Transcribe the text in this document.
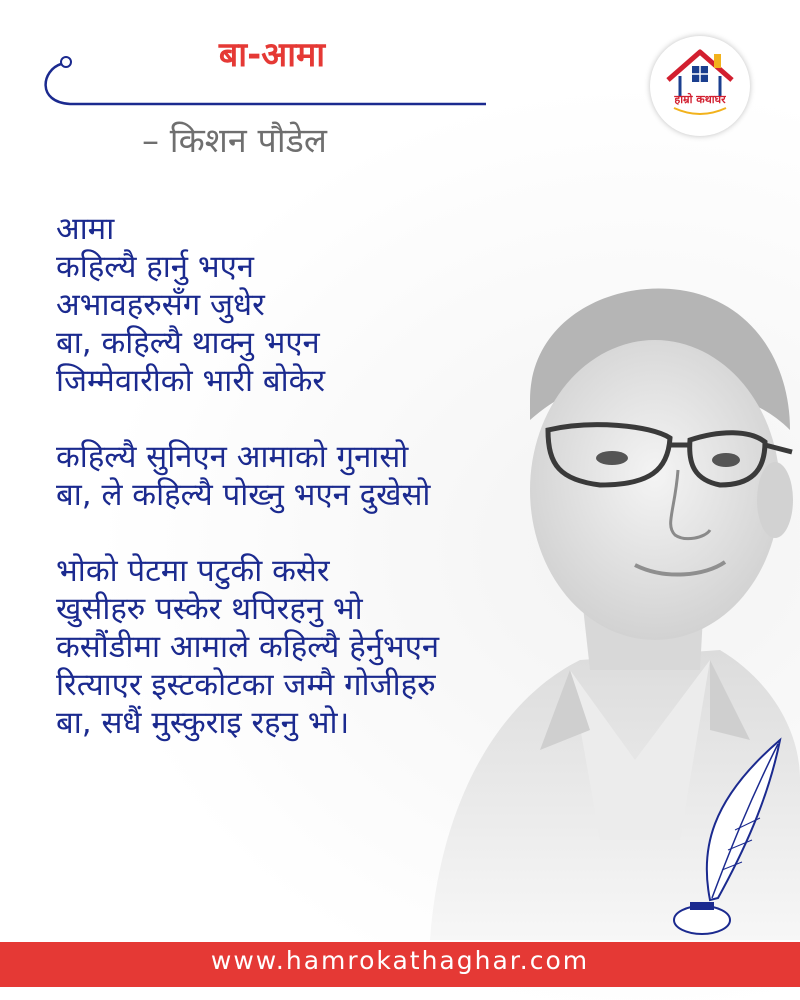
बा-आमा
– किशन पौडेल
हाम्रो कथाघर
आमा
कहिल्यै हार्नु भएन
अभावहरुसँग जुधेर
बा, कहिल्यै थाक्नु भएन
जिम्मेवारीको भारी बोकेर
कहिल्यै सुनिएन आमाको गुनासो
बा, ले कहिल्यै पोख्नु भएन दुखेसो
भोको पेटमा पटुकी कसेर
खुसीहरु पस्केर थपिरहनु भो
कसौंडीमा आमाले कहिल्यै हेर्नुभएन
रित्याएर इस्टकोटका जम्मै गोजीहरु
बा, सधैं मुस्कुराइ रहनु भो।
www.hamrokathaghar.com
